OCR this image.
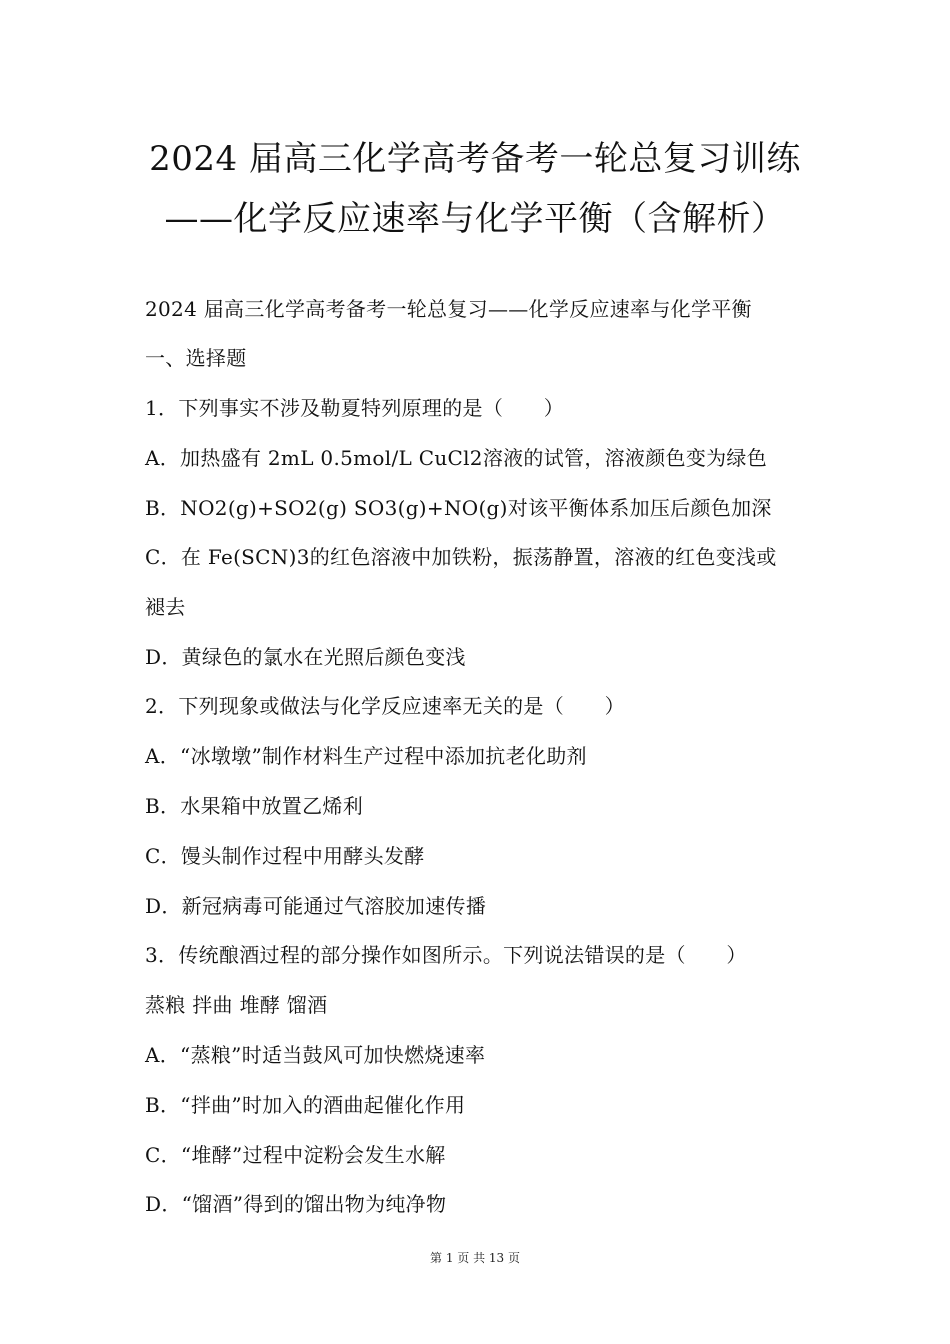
2024 届高三化学高考备考一轮总复习训练
——化学反应速率与化学平衡（含解析）
2024 届高三化学高考备考一轮总复习——化学反应速率与化学平衡
一、选择题
1．下列事实不涉及勒夏特列原理的是（　　）
A．加热盛有 2mL 0.5mol/L CuCl2溶液的试管，溶液颜色变为绿色
B．NO2(g)+SO2(g) SO3(g)+NO(g)对该平衡体系加压后颜色加深
C．在 Fe(SCN)3的红色溶液中加铁粉，振荡静置，溶液的红色变浅或
褪去
D．黄绿色的氯水在光照后颜色变浅
2．下列现象或做法与化学反应速率无关的是（　　）
A．“冰墩墩”制作材料生产过程中添加抗老化助剂
B．水果箱中放置乙烯利
C．馒头制作过程中用酵头发酵
D．新冠病毒可能通过气溶胶加速传播
3．传统酿酒过程的部分操作如图所示。下列说法错误的是（　　）
蒸粮 拌曲 堆酵 馏酒
A．“蒸粮”时适当鼓风可加快燃烧速率
B．“拌曲”时加入的酒曲起催化作用
C．“堆酵”过程中淀粉会发生水解
D．“馏酒”得到的馏出物为纯净物
第 1 页 共 13 页
